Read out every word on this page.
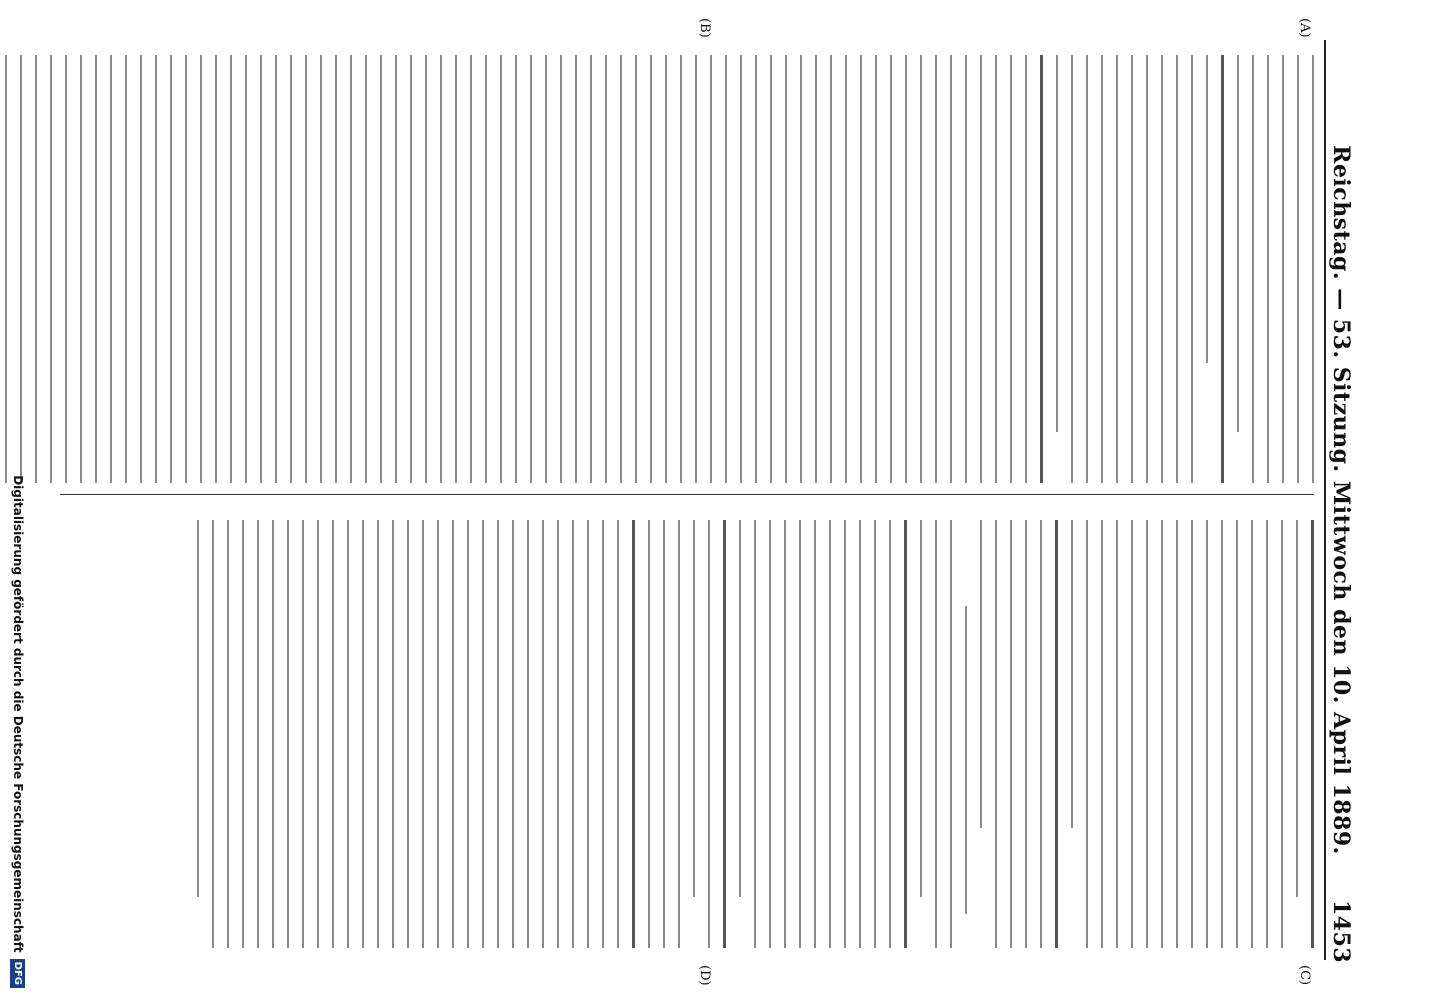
Reichstag. — 53. Sitzung. Mittwoch den 10. April 1889.
1453
(A)
(B)
(C)
(D)
Digitalisierung gefördert durch die Deutsche Forschungsgemeinschaft
DFG
